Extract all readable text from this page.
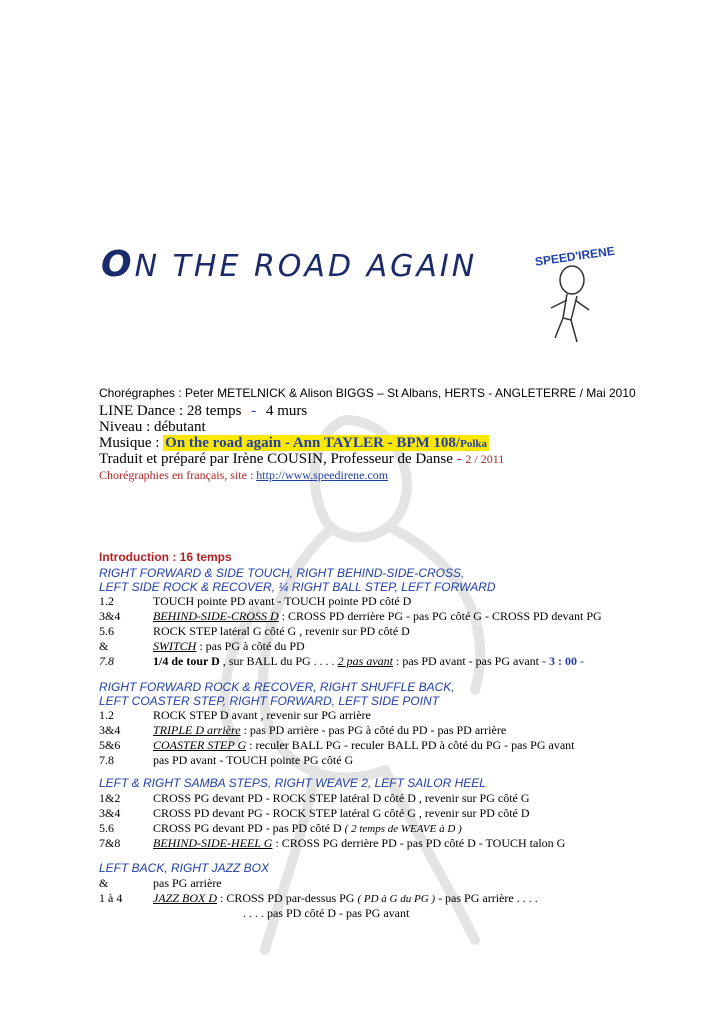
ON THE ROAD AGAIN	SPEED'IRENE
Chorégraphes : Peter METELNICK & Alison BIGGS – St Albans, HERTS - ANGLETERRE / Mai 2010
LINE Dance : 28 temps - 4 murs
Niveau : débutant
Musique : On the road again - Ann TAYLER - BPM 108/Polka
Traduit et préparé par Irène COUSIN, Professeur de Danse - 2 / 2011
Chorégraphies en français, site : http://www.speedirene.com
Introduction : 16 temps
RIGHT FORWARD & SIDE TOUCH, RIGHT BEHIND-SIDE-CROSS,
LEFT SIDE ROCK & RECOVER, ¼ RIGHT BALL STEP, LEFT FORWARD
1.2	TOUCH pointe PD avant - TOUCH pointe PD côté D
3&4	BEHIND-SIDE-CROSS D : CROSS PD derrière PG - pas PG côté G - CROSS PD devant PG
5.6	ROCK STEP latéral G côté G , revenir sur PD côté D
&	SWITCH : pas PG à côté du PD
7.8	1/4 de tour D , sur BALL du PG . . . . 2 pas avant : pas PD avant - pas PG avant - 3 : 00 -
RIGHT FORWARD ROCK & RECOVER, RIGHT SHUFFLE BACK,
LEFT COASTER STEP, RIGHT FORWARD, LEFT SIDE POINT
1.2	ROCK STEP D avant , revenir sur PG arrière
3&4	TRIPLE D arrière : pas PD arrière - pas PG à côté du PD - pas PD arrière
5&6	COASTER STEP G : reculer BALL PG - reculer BALL PD à côté du PG - pas PG avant
7.8	pas PD avant - TOUCH pointe PG côté G
LEFT & RIGHT SAMBA STEPS, RIGHT WEAVE 2, LEFT SAILOR HEEL
1&2	CROSS PG devant PD - ROCK STEP latéral D côté D , revenir sur PG côté G
3&4	CROSS PD devant PG - ROCK STEP latéral G côté G , revenir sur PD côté D
5.6	CROSS PG devant PD - pas PD côté D ( 2 temps de WEAVE à D )
7&8	BEHIND-SIDE-HEEL G : CROSS PG derrière PD - pas PD côté D - TOUCH talon G
LEFT BACK, RIGHT JAZZ BOX
&	pas PG arrière
1 à 4	JAZZ BOX D : CROSS PD par-dessus PG ( PD à G du PG ) - pas PG arrière . . . .
. . . . pas PD côté D - pas PG avant
